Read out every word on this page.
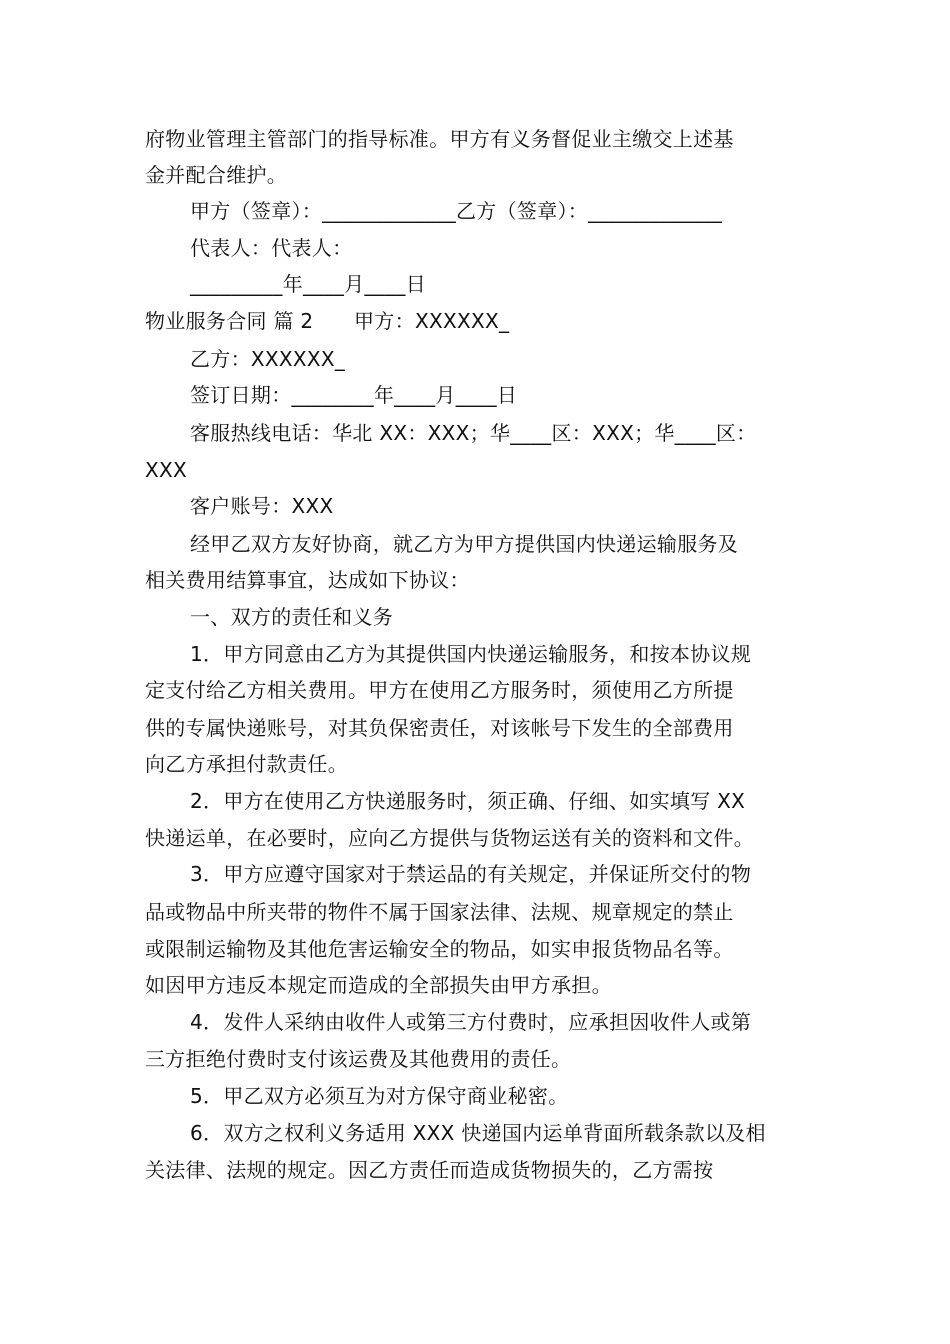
府物业管理主管部门的指导标准。甲方有义务督促业主缴交上述基
金并配合维护。
甲方（签章）：_____________乙方（签章）：_____________
代表人：代表人：
_________年____月____日
物业服务合同 篇 2　　甲方：XXXXXX_
乙方：XXXXXX_
签订日期：________年____月____日
客服热线电话：华北 XX：XXX；华____区：XXX；华____区：
XXX
客户账号：XXX
经甲乙双方友好协商，就乙方为甲方提供国内快递运输服务及
相关费用结算事宜，达成如下协议：
一、双方的责任和义务
1．甲方同意由乙方为其提供国内快递运输服务，和按本协议规
定支付给乙方相关费用。甲方在使用乙方服务时，须使用乙方所提
供的专属快递账号，对其负保密责任，对该帐号下发生的全部费用
向乙方承担付款责任。
2．甲方在使用乙方快递服务时，须正确、仔细、如实填写 XX
快递运单，在必要时，应向乙方提供与货物运送有关的资料和文件。
3．甲方应遵守国家对于禁运品的有关规定，并保证所交付的物
品或物品中所夹带的物件不属于国家法律、法规、规章规定的禁止
或限制运输物及其他危害运输安全的物品，如实申报货物品名等。
如因甲方违反本规定而造成的全部损失由甲方承担。
4．发件人采纳由收件人或第三方付费时，应承担因收件人或第
三方拒绝付费时支付该运费及其他费用的责任。
5．甲乙双方必须互为对方保守商业秘密。
6．双方之权利义务适用 XXX 快递国内运单背面所载条款以及相
关法律、法规的规定。因乙方责任而造成货物损失的，乙方需按
